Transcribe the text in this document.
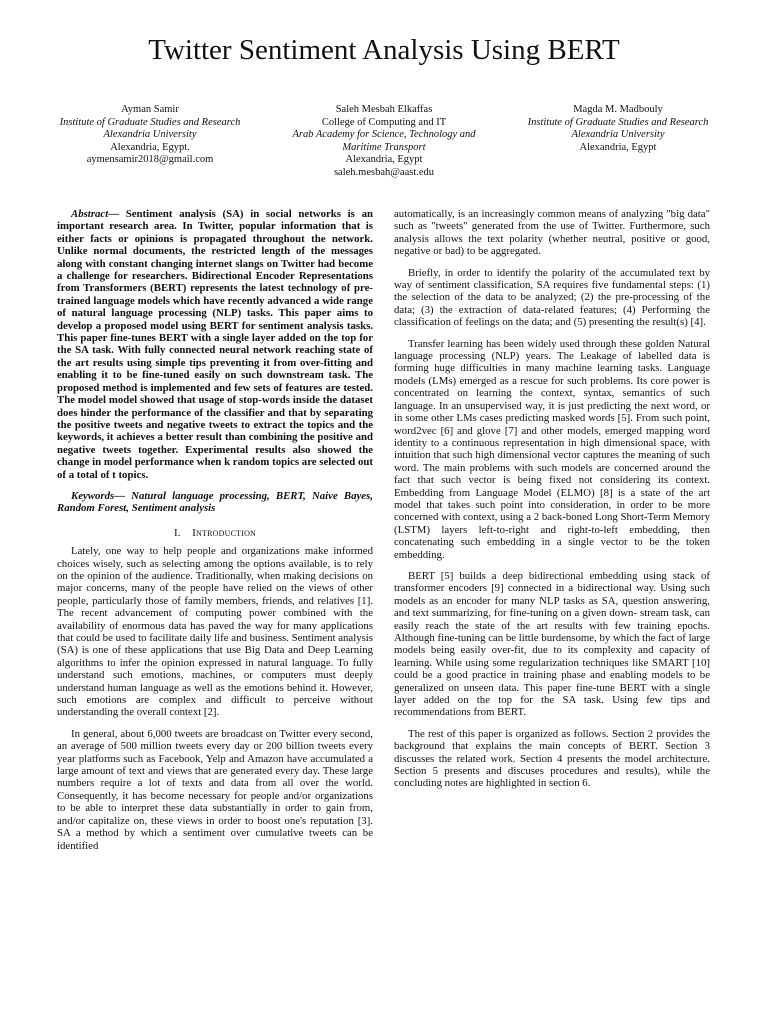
Twitter Sentiment Analysis Using BERT
Ayman Samir
Institute of Graduate Studies and Research
Alexandria University
Alexandria, Egypt.
aymensamir2018@gmail.com
Saleh Mesbah Elkaffas
College of Computing and IT
Arab Academy for Science, Technology and Maritime Transport
Alexandria, Egypt
saleh.mesbah@aast.edu
Magda M. Madbouly
Institute of Graduate Studies and Research
Alexandria University
Alexandria, Egypt

Abstract— Sentiment analysis (SA) in social networks is an important research area. In Twitter, popular information that is either facts or opinions is propagated throughout the network. Unlike normal documents, the restricted length of the messages along with constant changing internet slangs on Twitter had become a challenge for researchers. Bidirectional Encoder Representations from Transformers (BERT) represents the latest technology of pre-trained language models which have recently advanced a wide range of natural language processing (NLP) tasks. This paper aims to develop a proposed model using BERT for sentiment analysis tasks. This paper fine-tunes BERT with a single layer added on the top for the SA task. With fully connected neural network reaching state of the art results using simple tips preventing it from over-fitting and enabling it to be fine-tuned easily on such downstream task. The proposed method is implemented and few sets of features are tested. The model model showed that usage of stop-words inside the dataset does hinder the performance of the classifier and that by separating the positive tweets and negative tweets to extract the topics and the keywords, it achieves a better result than combining the positive and negative tweets together. Experimental results also showed the change in model performance when k random topics are selected out of a total of t topics.

Keywords— Natural language processing, BERT, Naive Bayes, Random Forest, Sentiment analysis

I. Introduction

Lately, one way to help people and organizations make informed choices wisely, such as selecting among the options available, is to rely on the opinion of the audience. Traditionally, when making decisions on major concerns, many of the people have relied on the views of other people, particularly those of family members, friends, and relatives [1]. The recent advancement of computing power combined with the availability of enormous data has paved the way for many applications that could be used to facilitate daily life and business. Sentiment analysis (SA) is one of these applications that use Big Data and Deep Learning algorithms to infer the opinion expressed in natural language. To fully understand such emotions, machines, or computers must deeply understand human language as well as the emotions behind it. However, such emotions are complex and difficult to perceive without understanding the overall context [2].

In general, about 6,000 tweets are broadcast on Twitter every second, an average of 500 million tweets every day or 200 billion tweets every year platforms such as Facebook, Yelp and Amazon have accumulated a large amount of text and views that are generated every day. These large numbers require a lot of texts and data from all over the world. Consequently, it has become necessary for people and/or organizations to be able to interpret these data substantially in order to gain from, and/or capitalize on, these views in order to boost one's reputation [3]. SA a method by which a sentiment over cumulative tweets can be identified

automatically, is an increasingly common means of analyzing "big data" such as "tweets" generated from the use of Twitter. Furthermore, such analysis allows the text polarity (whether neutral, positive or good, negative or bad) to be aggregated.

Briefly, in order to identify the polarity of the accumulated text by way of sentiment classification, SA requires five fundamental steps: (1) the selection of the data to be analyzed; (2) the pre-processing of the data; (3) the extraction of data-related features; (4) Performing the classification of feelings on the data; and (5) presenting the result(s) [4].

Transfer learning has been widely used through these golden Natural language processing (NLP) years. The Leakage of labelled data is forming huge difficulties in many machine learning tasks. Language models (LMs) emerged as a rescue for such problems. Its core power is concentrated on learning the context, syntax, semantics of such language. In an unsupervised way, it is just predicting the next word, or in some other LMs cases predicting masked words [5]. From such point, word2vec [6] and glove [7] and other models, emerged mapping word identity to a continuous representation in high dimensional space, with intuition that such high dimensional vector captures the meaning of such word. The main problems with such models are concerned around the fact that such vector is being fixed not considering its context. Embedding from Language Model (ELMO) [8] is a state of the art model that takes such point into consideration, in order to be more concerned with context, using a 2 back-boned Long Short-Term Memory (LSTM) layers left-to-right and right-to-left embedding, then concatenating such embedding in a single vector to be the token embedding.

BERT [5] builds a deep bidirectional embedding using stack of transformer encoders [9] connected in a bidirectional way. Using such models as an encoder for many NLP tasks as SA, question answering, and text summarizing, for fine-tuning on a given down- stream task, can easily reach the state of the art results with few training epochs. Although fine-tuning can be little burdensome, by which the fact of large models being easily over-fit, due to its complexity and capacity of learning. While using some regularization techniques like SMART [10] could be a good practice in training phase and enabling models to be generalized on unseen data. This paper fine-tune BERT with a single layer added on the top for the SA task. Using few tips and recommendations from BERT.

The rest of this paper is organized as follows. Section 2 provides the background that explains the main concepts of BERT. Section 3 discusses the related work. Section 4 presents the model architecture. Section 5 presents and discuses procedures and results), while the concluding notes are highlighted in section 6.
